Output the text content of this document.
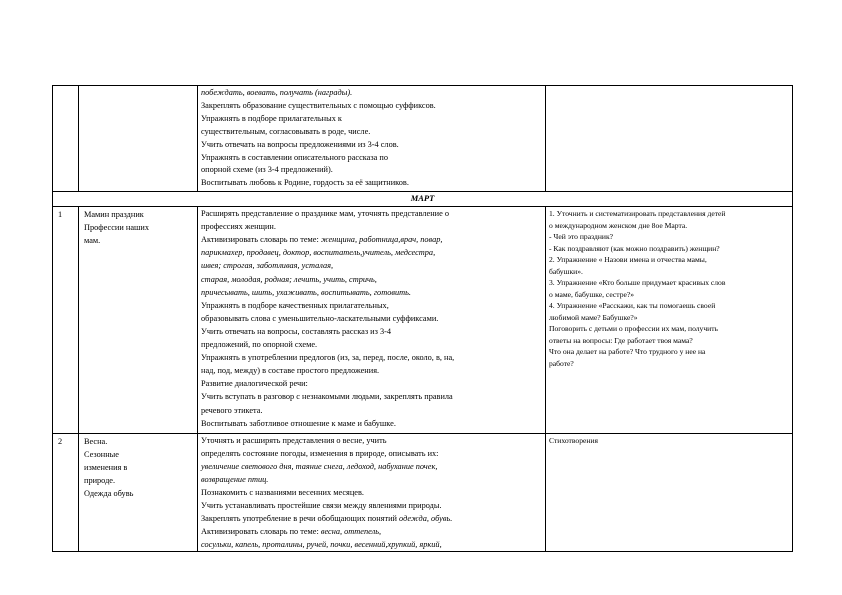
побеждать, воевать, получать (награды).
Закреплять образование существительных с помощью суффиксов.
Упражнять в подборе прилагательных к
существительным, согласовывать в роде, числе.
Учить отвечать на вопросы предложениями из 3-4 слов.
Упражнять в составлении описательного рассказа по
опорной схеме (из 3-4 предложений).
Воспитывать любовь к Родине, гордость за её защитников.
МАРТ
1	Мамин праздник
Профессии наших
мам.
Расширять представление о празднике мам, уточнять представление о
профессиях женщин.
Активизировать словарь по теме: женщина, работница,врач, повар,
парикмахер, продавец, доктор, воспитатель,учитель, медсестра,
швея; строгая, заботливая, усталая,
старая, молодая, родная; лечить, учить, стричь,
причесывать, шить, ухаживать, воспитывать, готовить.
Упражнять в подборе качественных прилагательных,
образовывать слова с уменьшительно-ласкательными суффиксами.
Учить отвечать на вопросы, составлять рассказ из 3-4
предложений, по опорной схеме.
Упражнять в употреблении предлогов (из, за, перед, после, около, в, на,
над, под, между) в составе простого предложения.
Развитие диалогической речи:
Учить вступать в разговор с незнакомыми людьми, закреплять правила
речевого этикета.
Воспитывать заботливое отношение к маме и бабушке.
1. Уточнить и систематизировать представления детей
о международном женском дне 8ое Марта.
- Чей это праздник?
- Как поздравляют (как можно поздравить) женщин?
2. Упражнение « Назови имена и отчества мамы,
бабушки».
3. Упражнение «Кто больше придумает красивых слов
о маме, бабушке, сестре?»
4. Упражнение «Расскажи, как ты помогаешь своей
любимой маме? Бабушке?»
Поговорить с детьми о профессии их мам, получить
ответы на вопросы: Где работает твоя мама?
Что она делает на работе? Что трудного у нее на
работе?
2	Весна.
Сезонные
изменения в
природе.
Одежда обувь
Уточнять и расширять представления о весне, учить
определять состояние погоды, изменения в природе, описывать их:
увеличение светового дня, таяние снега, ледоход, набухание почек,
возвращение птиц.
Познакомить с названиями весенних месяцев.
Учить устанавливать простейшие связи между явлениями природы.
Закреплять употребление в речи обобщающих понятий одежда, обувь.
Активизировать словарь по теме: весна, оттепель,
сосульки, капель, проталины, ручей, почки, весенний,хрупкий, яркий,
Стихотворения
